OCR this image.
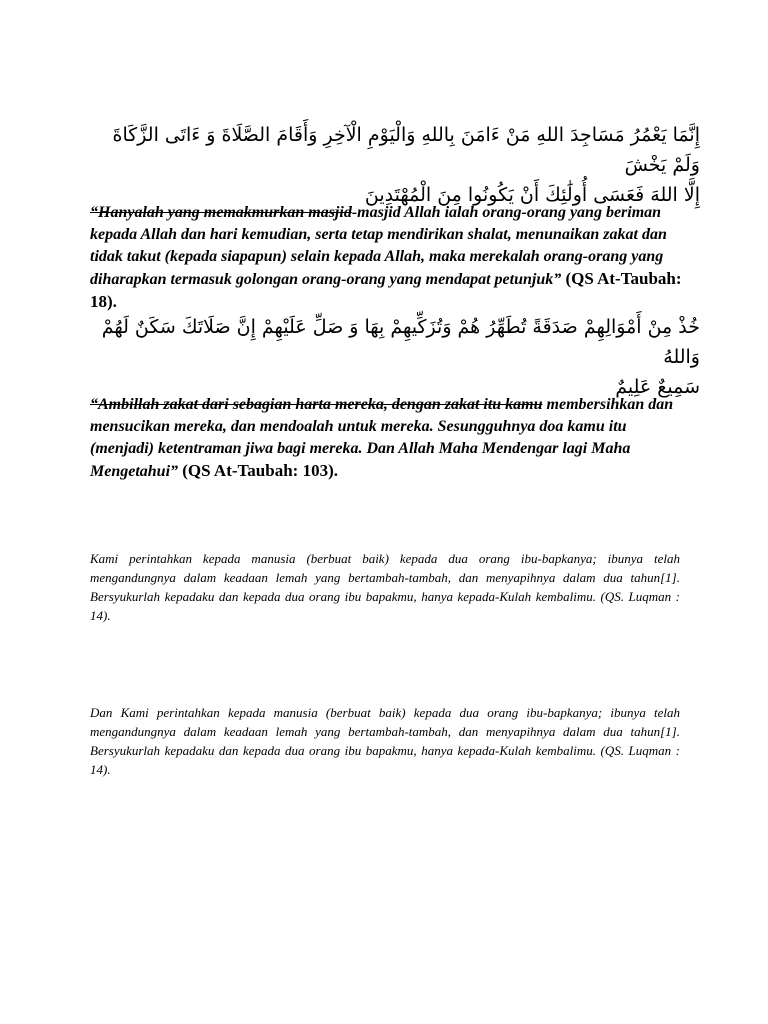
إِنَّمَا يَعْمُرُ مَسَاجِدَ اللهِ مَنْ ءَامَنَ بِاللهِ وَالْيَوْمِ الْآخِرِ وَأَقَامَ الصَّلَاةَ وَ ءَاتَى الزَّكَاةَ وَلَمْ يَخْشَ
إِلَّا اللهَ فَعَسَى أُولَٰئِكَ أَنْ يَكُونُوا مِنَ الْمُهْتَدِينَ
“Hanyalah yang memakmurkan masjid-masjid Allah ialah orang-orang yang beriman kepada Allah dan hari kemudian, serta tetap mendirikan shalat, menunaikan zakat dan tidak takut (kepada siapapun) selain kepada Allah, maka merekalah orang-orang yang diharapkan termasuk golongan orang-orang yang mendapat petunjuk” (QS At-Taubah: 18).
خُذْ مِنْ أَمْوَالِهِمْ صَدَقَةً تُطَهِّرُ هُمْ وَتُزَكِّيهِمْ بِهَا وَ صَلِّ عَلَيْهِمْ إِنَّ صَلَاتَكَ سَكَنٌ لَهُمْ وَاللهُ
سَمِيعٌ عَلِيمٌ
“Ambillah zakat dari sebagian harta mereka, dengan zakat itu kamu membersihkan dan mensucikan mereka, dan mendoalah untuk mereka. Sesungguhnya doa kamu itu (menjadi) ketentraman jiwa bagi mereka. Dan Allah Maha Mendengar lagi Maha Mengetahui” (QS At-Taubah: 103).

Kami perintahkan kepada manusia (berbuat baik) kepada dua orang ibu-bapkanya; ibunya telah mengandungnya dalam keadaan lemah yang bertambah-tambah, dan menyapihnya dalam dua tahun[1]. Bersyukurlah kepadaku dan kepada dua orang ibu bapakmu, hanya kepada-Kulah kembalimu. (QS. Luqman : 14).

Dan Kami perintahkan kepada manusia (berbuat baik) kepada dua orang ibu-bapkanya; ibunya telah mengandungnya dalam keadaan lemah yang bertambah-tambah, dan menyapihnya dalam dua tahun[1]. Bersyukurlah kepadaku dan kepada dua orang ibu bapakmu, hanya kepada-Kulah kembalimu. (QS. Luqman : 14).
